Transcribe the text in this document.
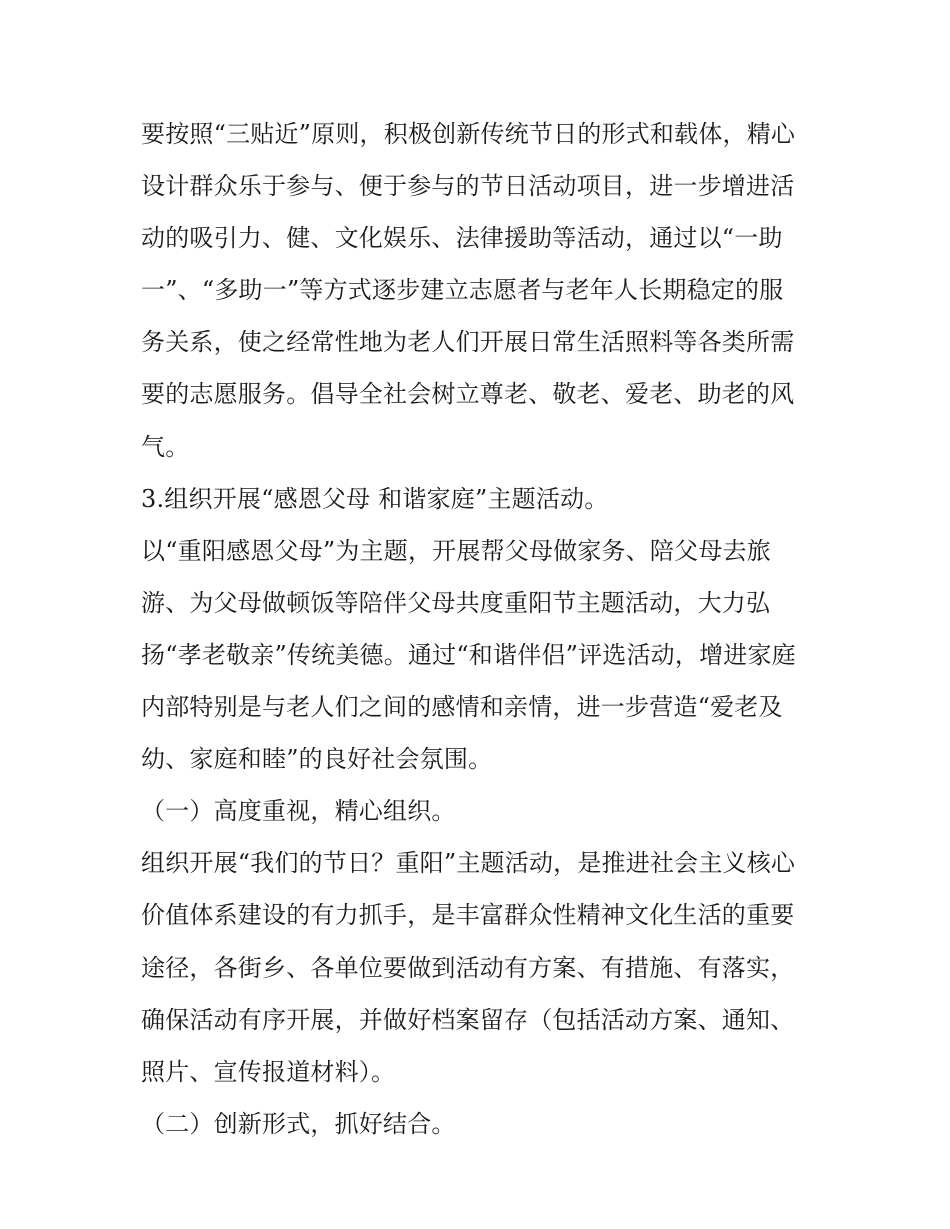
要按照“三贴近”原则，积极创新传统节日的形式和载体，精心
设计群众乐于参与、便于参与的节日活动项目，进一步增进活
动的吸引力、健、文化娱乐、法律援助等活动，通过以“一助
一”、“多助一”等方式逐步建立志愿者与老年人长期稳定的服
务关系，使之经常性地为老人们开展日常生活照料等各类所需
要的志愿服务。倡导全社会树立尊老、敬老、爱老、助老的风
气。
3.组织开展“感恩父母 和谐家庭”主题活动。
以“重阳感恩父母”为主题，开展帮父母做家务、陪父母去旅
游、为父母做顿饭等陪伴父母共度重阳节主题活动，大力弘
扬“孝老敬亲”传统美德。通过“和谐伴侣”评选活动，增进家庭
内部特别是与老人们之间的感情和亲情，进一步营造“爱老及
幼、家庭和睦”的良好社会氛围。
（一）高度重视，精心组织。
组织开展“我们的节日？重阳”主题活动，是推进社会主义核心
价值体系建设的有力抓手，是丰富群众性精神文化生活的重要
途径，各街乡、各单位要做到活动有方案、有措施、有落实，
确保活动有序开展，并做好档案留存（包括活动方案、通知、
照片、宣传报道材料）。
（二）创新形式，抓好结合。
